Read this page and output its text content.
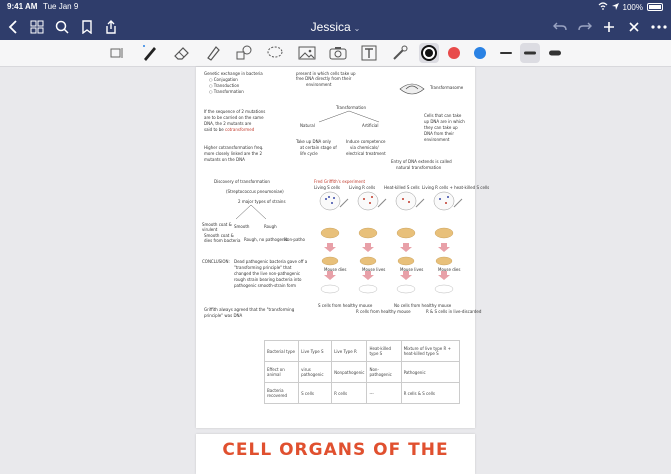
9:41 AM Tue Jan 9	100%
Jessica ⌄
Genetic exchange in bacteria
○ Conjugation
○ Transduction
○ Transformation
present in which cells take up
free DNA directly from their
environment
Transformasome
If the sequence of 2 mutations
are to be carried on the same
DNA, the 2 mutants are
said to be cotransformed
Higher cotransformation freq.
more closely linked are the 2
mutants on the DNA
Transformation
Natural	Artificial
Take up DNA only
at certain stage of
life cycle
Induce competence
via chemicals/
electrical treatment
Cells that can take
up DNA are in which
they can take up
DNA from their
environment
Entry of DNA extends is called
natural transformation
Discovery of transformation	Fred Griffith's experiment
(Streptococcus pneumoniae)
2 major types of strains
Smooth	Rough
Smooth coat &
virulent
Smooth coat &
dies from bacteria Rough, no pathogenic
Non-patho
CONCLUSION: Dead pathogenic bacteria gave off a
"transforming principle" that
changed the live non-pathogenic
rough strain bearing bacteria into
pathogenic smooth-strain form
Griffith always agreed that the "transforming
principle" was DNA
Living S cells Living R cells Heat-killed S cells Living R cells + heat-killed S cells
Mouse dies	Mouse lives	Mouse lives	Mouse dies
S cells from healthy mouse
R cells from healthy mouse
No cells from healthy mouse
R & S cells in live-discarded
Bacterial type	Live Type S	Live Type R	Heat-killed type S	Mixture of live type R + heat-killed type S
Effect on animal	virus pathogenic	Nonpathogenic	Non-pathogenic	Pathogenic
Bacteria recovered	S cells	R cells	---	R cells & S cells
CELL ORGANS OF THE
